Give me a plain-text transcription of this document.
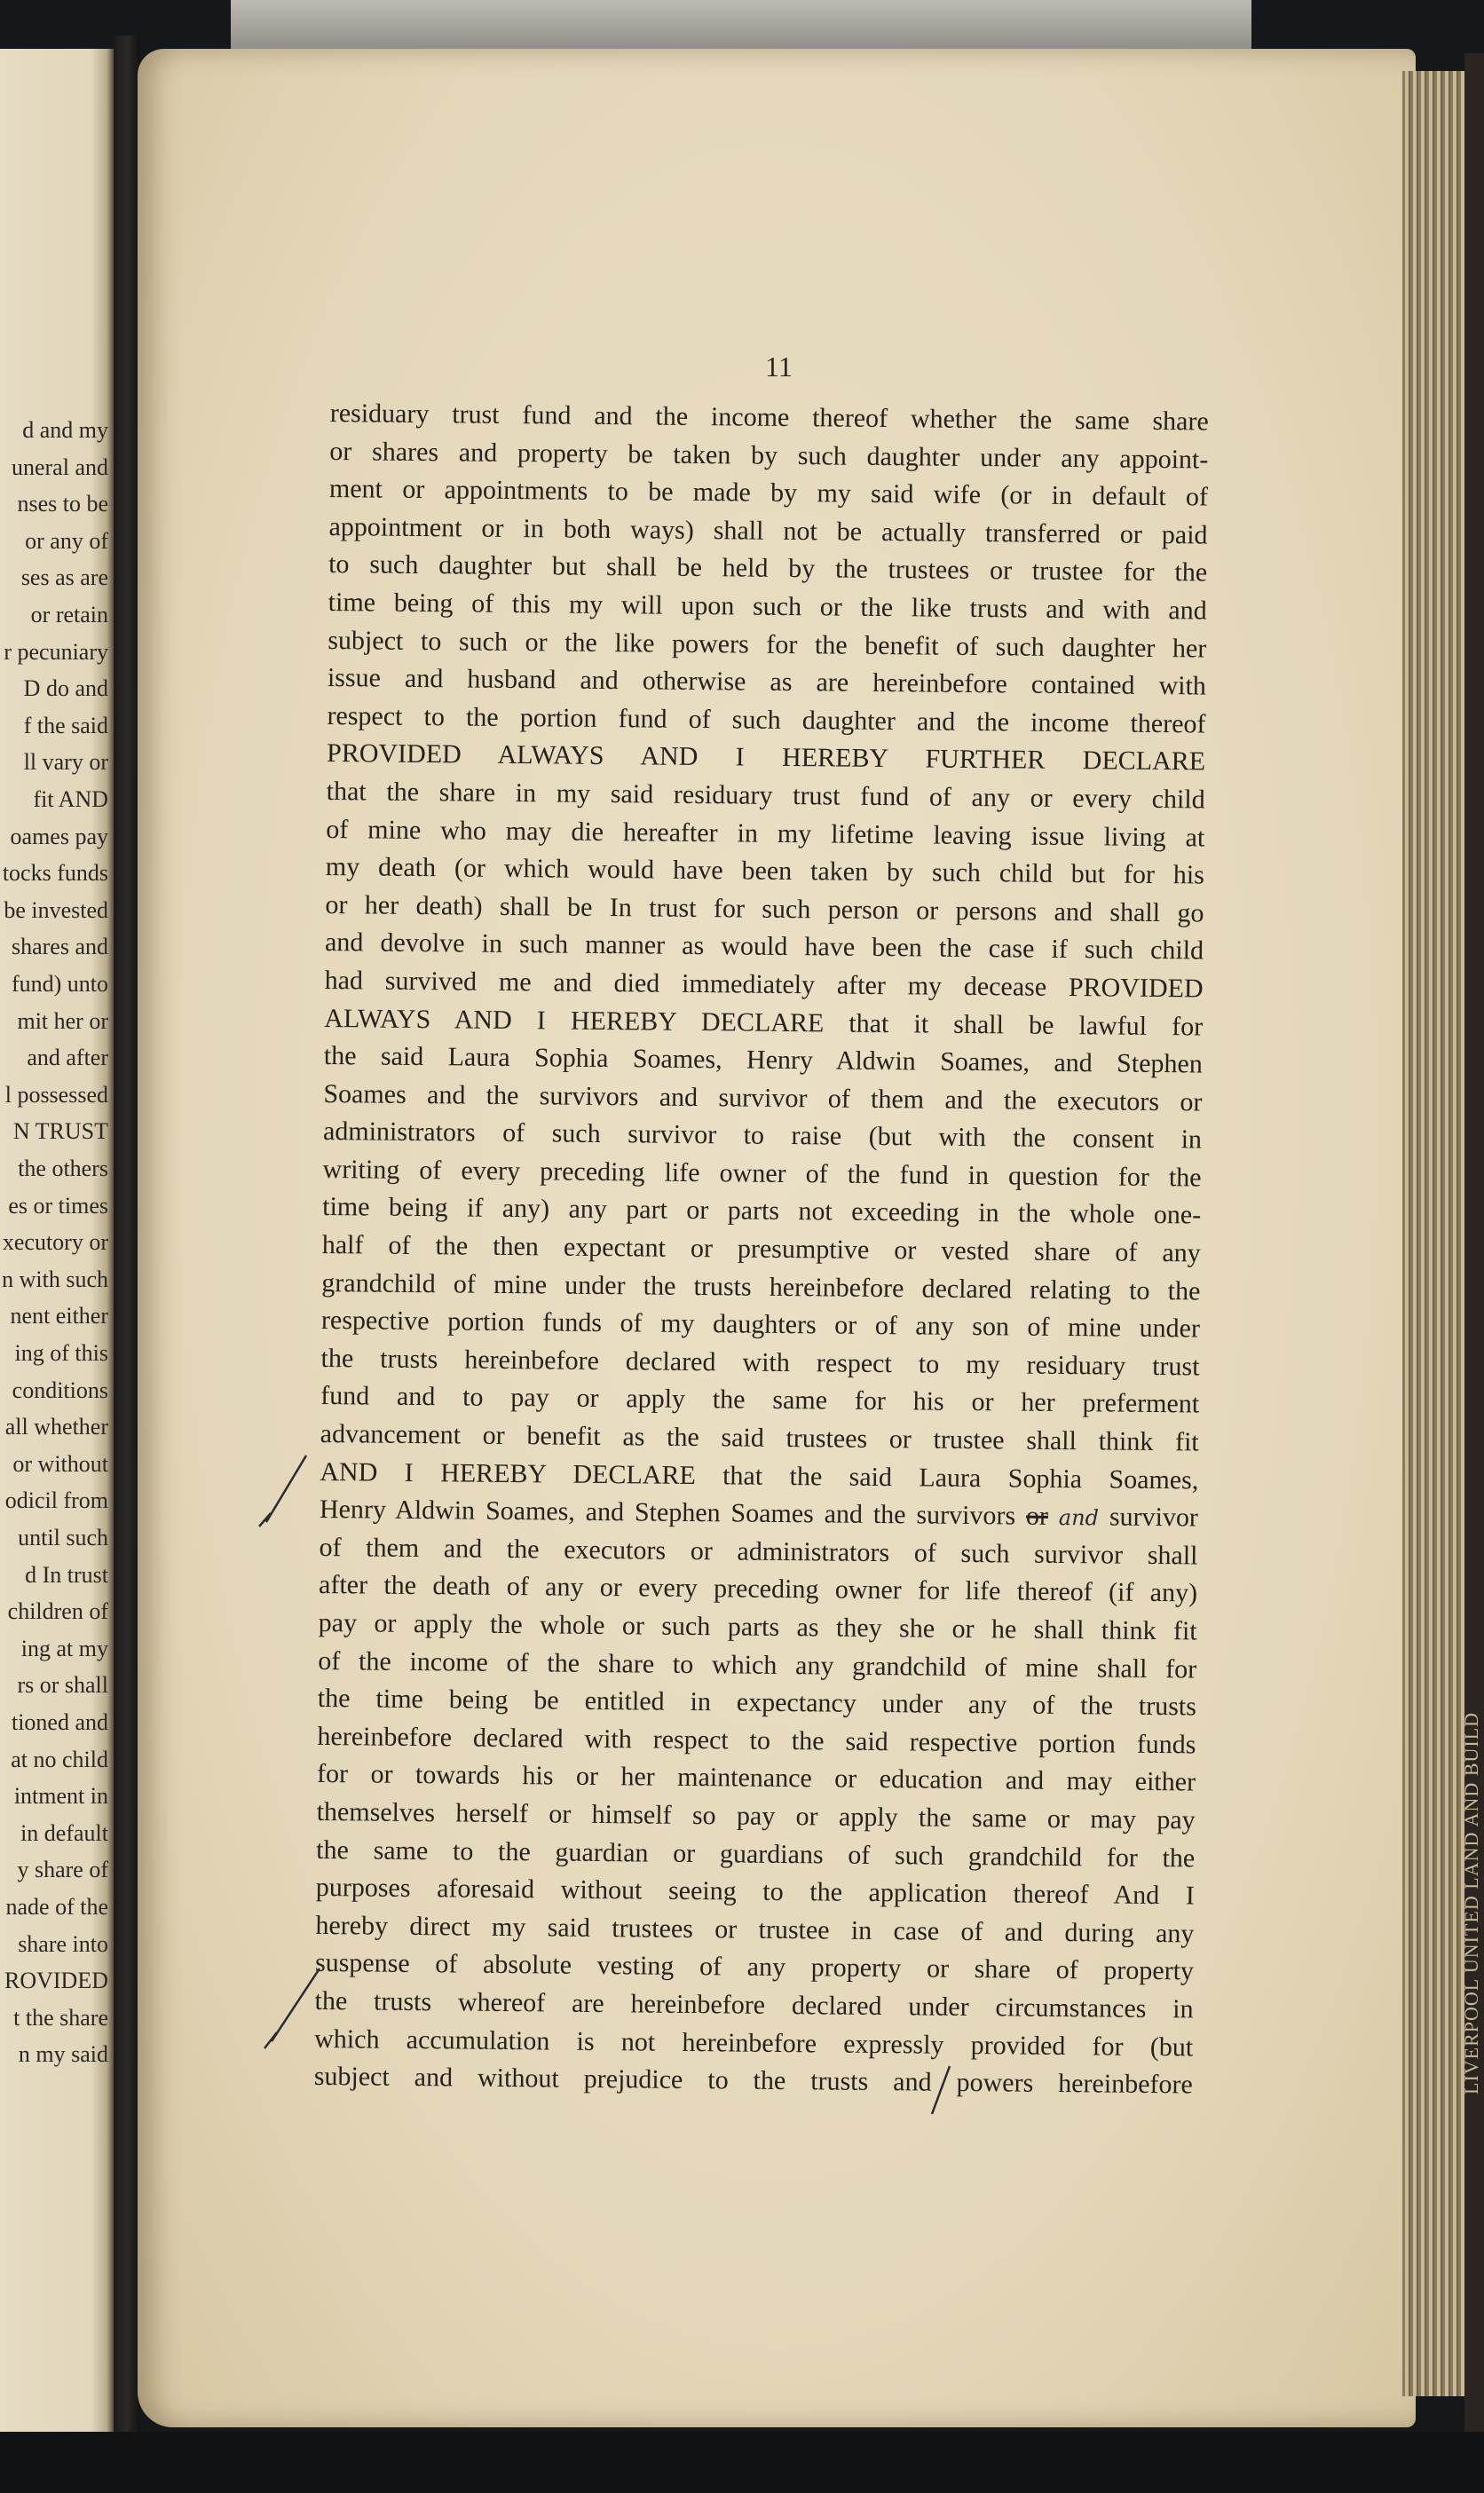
d and my
uneral and
nses to be
or any of
ses as are
or retain
r pecuniary
D do and
f the said
ll vary or
fit AND
oames pay
tocks funds
be invested
shares and
fund) unto
mit her or
and after
l possessed
N TRUST
the others
es or times
xecutory or
n with such
nent either
ing of this
conditions
all whether
or without
odicil from
until such
d In trust
children of
ing at my
rs or shall
tioned and
at no child
intment in
in default
y share of
nade of the
share into
ROVIDED
t the share
n my said	LIVERPOOL UNITED LAND AND BUILD
11
residuary trust fund and the income thereof whether the same share
or shares and property be taken by such daughter under any appoint-
ment or appointments to be made by my said wife (or in default of
appointment or in both ways) shall not be actually transferred or paid
to such daughter but shall be held by the trustees or trustee for the
time being of this my will upon such or the like trusts and with and
subject to such or the like powers for the benefit of such daughter her
issue and husband and otherwise as are hereinbefore contained with
respect to the portion fund of such daughter and the income thereof
PROVIDED ALWAYS AND I HEREBY FURTHER DECLARE
that the share in my said residuary trust fund of any or every child
of mine who may die hereafter in my lifetime leaving issue living at
my death (or which would have been taken by such child but for his
or her death) shall be In trust for such person or persons and shall go
and devolve in such manner as would have been the case if such child
had survived me and died immediately after my decease PROVIDED
ALWAYS AND I HEREBY DECLARE that it shall be lawful for
the said Laura Sophia Soames, Henry Aldwin Soames, and Stephen
Soames and the survivors and survivor of them and the executors or
administrators of such survivor to raise (but with the consent in
writing of every preceding life owner of the fund in question for the
time being if any) any part or parts not exceeding in the whole one-
half of the then expectant or presumptive or vested share of any
grandchild of mine under the trusts hereinbefore declared relating to the
respective portion funds of my daughters or of any son of mine under
the trusts hereinbefore declared with respect to my residuary trust
fund and to pay or apply the same for his or her preferment
advancement or benefit as the said trustees or trustee shall think fit
AND I HEREBY DECLARE that the said Laura Sophia Soames,
Henry Aldwin Soames, and Stephen Soames and the survivors or and survivor
of them and the executors or administrators of such survivor shall
after the death of any or every preceding owner for life thereof (if any)
pay or apply the whole or such parts as they she or he shall think fit
of the income of the share to which any grandchild of mine shall for
the time being be entitled in expectancy under any of the trusts
hereinbefore declared with respect to the said respective portion funds
for or towards his or her maintenance or education and may either
themselves herself or himself so pay or apply the same or may pay
the same to the guardian or guardians of such grandchild for the
purposes aforesaid without seeing to the application thereof And I
hereby direct my said trustees or trustee in case of and during any
suspense of absolute vesting of any property or share of property
the trusts whereof are hereinbefore declared under circumstances in
which accumulation is not hereinbefore expressly provided for (but
subject and without prejudice to the trusts and powers hereinbefore
